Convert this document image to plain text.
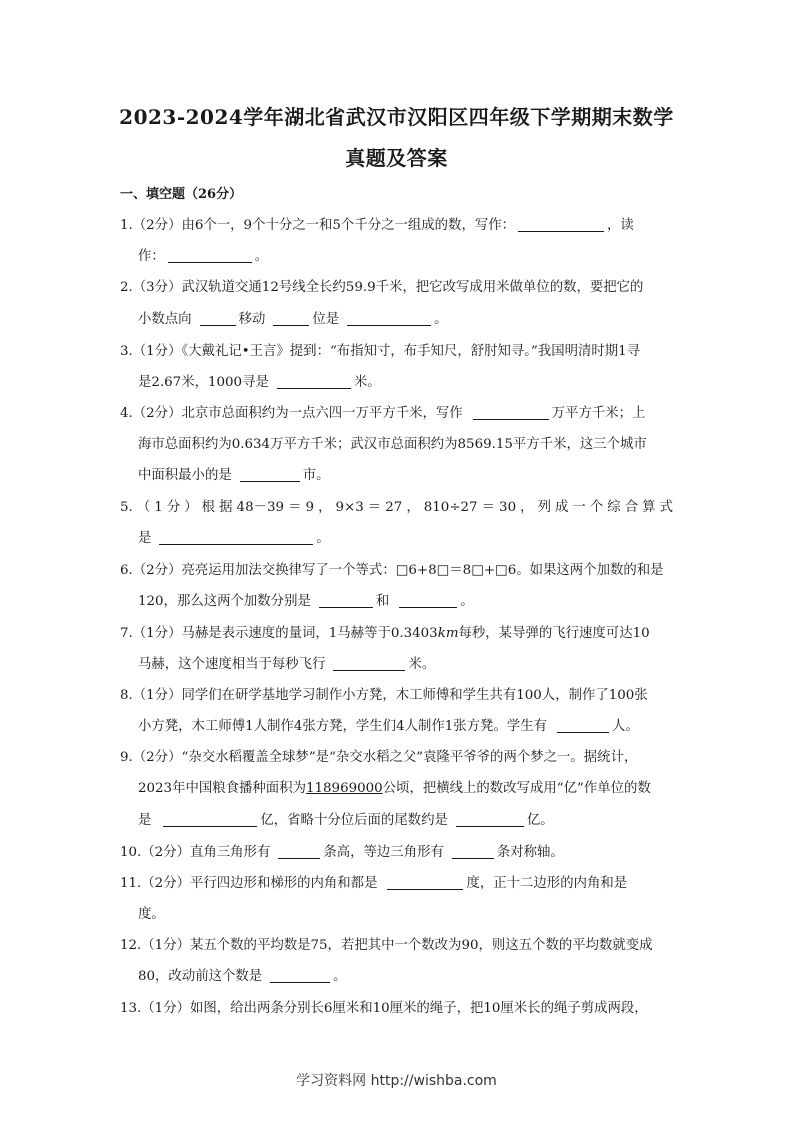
2023-2024学年湖北省武汉市汉阳区四年级下学期期末数学
真题及答案
一、填空题（26分）
1.（2分）由6个一，9个十分之一和5个千分之一组成的数，写作：	，读
作：	。
2.（3分）武汉轨道交通12号线全长约59.9千米，把它改写成用米做单位的数，要把它的
小数点向	移动	位是	。
3.（1分）《大戴礼记•王言》提到：“布指知寸，布手知尺，舒肘知寻。”我国明清时期1寻
是2.67米，1000寻是	米。
4.（2分）北京市总面积约为一点六四一万平方千米，写作	万平方千米；上
海市总面积约为0.634万平方千米；武汉市总面积约为8569.15平方千米，这三个城市
中面积最小的是	市。
5.（1分）根据48－39＝9，9×3＝27，810÷27＝30，列成一个综合算式
是	。
6.（2分）亮亮运用加法交换律写了一个等式：□6+8□＝8□+□6。如果这两个加数的和是
120，那么这两个加数分别是	和	。
7.（1分）马赫是表示速度的量词，1马赫等于0.3403km每秒，某导弹的飞行速度可达10
马赫，这个速度相当于每秒飞行	米。
8.（1分）同学们在研学基地学习制作小方凳，木工师傅和学生共有100人，制作了100张
小方凳，木工师傅1人制作4张方凳，学生们4人制作1张方凳。学生有	人。
9.（2分）“杂交水稻覆盖全球梦”是“杂交水稻之父”袁隆平爷爷的两个梦之一。据统计，
2023年中国粮食播种面积为118969000公顷，把横线上的数改写成用“亿”作单位的数
是	亿，省略十分位后面的尾数约是	亿。
10.（2分）直角三角形有	条高，等边三角形有	条对称轴。
11.（2分）平行四边形和梯形的内角和都是	度，正十二边形的内角和是
度。
12.（1分）某五个数的平均数是75，若把其中一个数改为90，则这五个数的平均数就变成
80，改动前这个数是	。
13.（1分）如图，给出两条分别长6厘米和10厘米的绳子，把10厘米长的绳子剪成两段，
学习资料网 http://wishba.com
